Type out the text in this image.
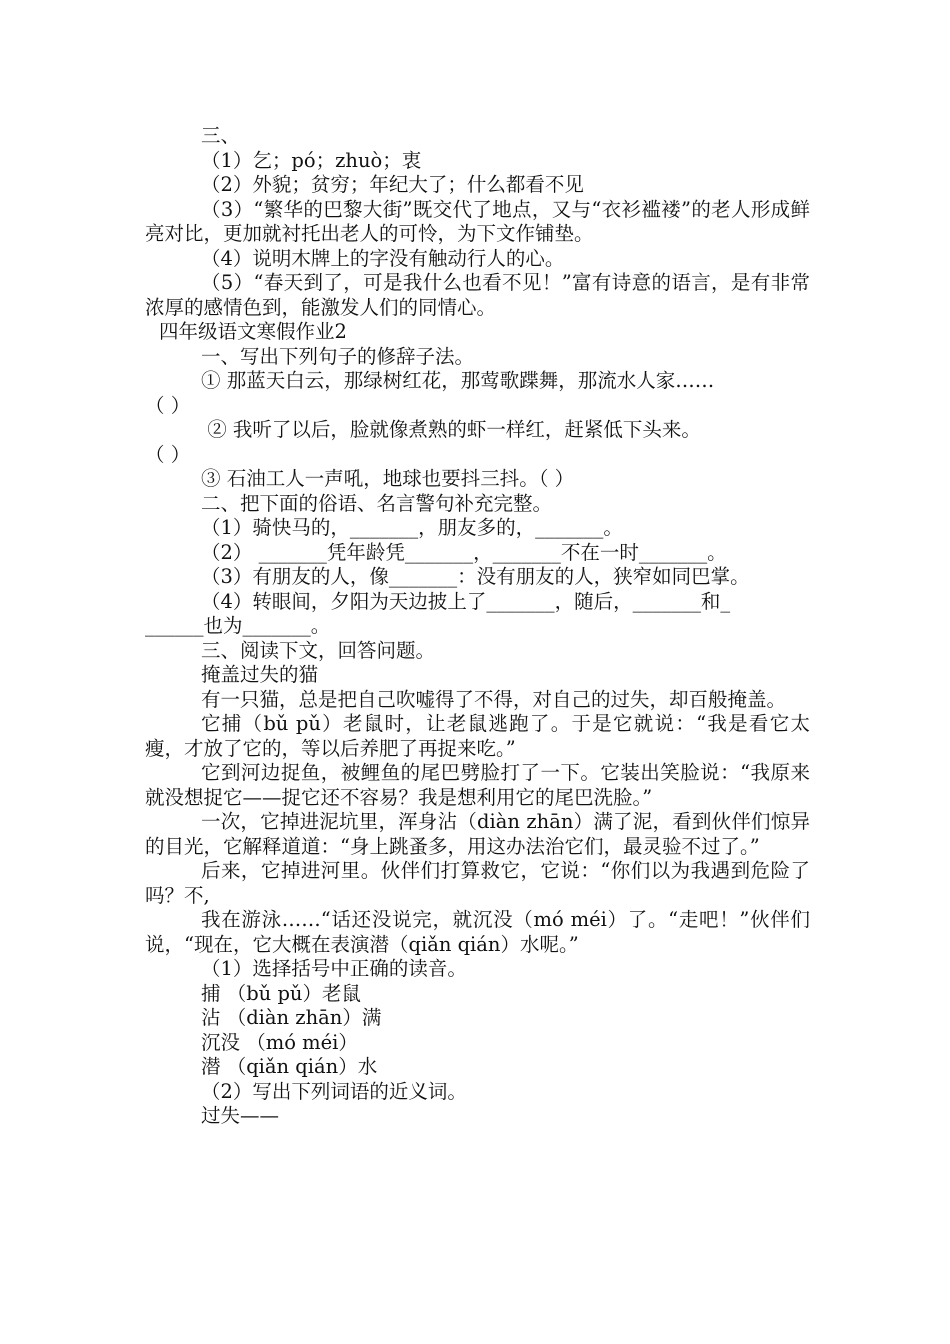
三、

（1）乞；pó；zhuò；衷

（2）外貌；贫穷；年纪大了；什么都看不见

（3）“繁华的巴黎大街”既交代了地点，又与“衣衫褴褛”的老人形成鲜亮对比，更加就衬托出老人的可怜，为下文作铺垫。

（4）说明木牌上的字没有触动行人的心。

（5）“春天到了，可是我什么也看不见！”富有诗意的语言，是有非常浓厚的感情色到，能激发人们的同情心。

四年级语文寒假作业2

一、写出下列句子的修辞子法。

① 那蓝天白云，那绿树红花，那莺歌蹀舞，那流水人家……

（ ）

② 我听了以后，脸就像煮熟的虾一样红，赶紧低下头来。

（ ）

③ 石油工人一声吼，地球也要抖三抖。（ ）

二、把下面的俗语、名言警句补充完整。

（1）骑快马的，_______，朋友多的，_______。

（2） _______凭年龄凭_______，_______不在一时_______。

（3）有朋友的人，像_______：没有朋友的人，狭窄如同巴掌。

（4）转眼间，夕阳为天边披上了_______，随后，_______和_

______也为_______。

三、阅读下文，回答问题。

掩盖过失的猫

有一只猫，总是把自己吹嘘得了不得，对自己的过失，却百般掩盖。

它捕（bǔ pǔ）老鼠时，让老鼠逃跑了。于是它就说：“我是看它太瘦，才放了它的，等以后养肥了再捉来吃。”

它到河边捉鱼，被鲤鱼的尾巴劈脸打了一下。它装出笑脸说：“我原来就没想捉它——捉它还不容易？我是想利用它的尾巴洗脸。”

一次，它掉进泥坑里，浑身沾（diàn zhān）满了泥，看到伙伴们惊异的目光，它解释道道：“身上跳蚤多，用这办法治它们，最灵验不过了。”

后来，它掉进河里。伙伴们打算救它，它说：“你们以为我遇到危险了吗？不,

我在游泳……“话还没说完，就沉没（mó méi）了。“走吧！”伙伴们说，“现在，它大概在表演潜（qiǎn qián）水呢。”

（1）选择括号中正确的读音。

捕 （bǔ pǔ）老鼠

沾 （diàn zhān）满

沉没 （mó méi）

潜 （qiǎn qián）水

（2）写出下列词语的近义词。

过失——
